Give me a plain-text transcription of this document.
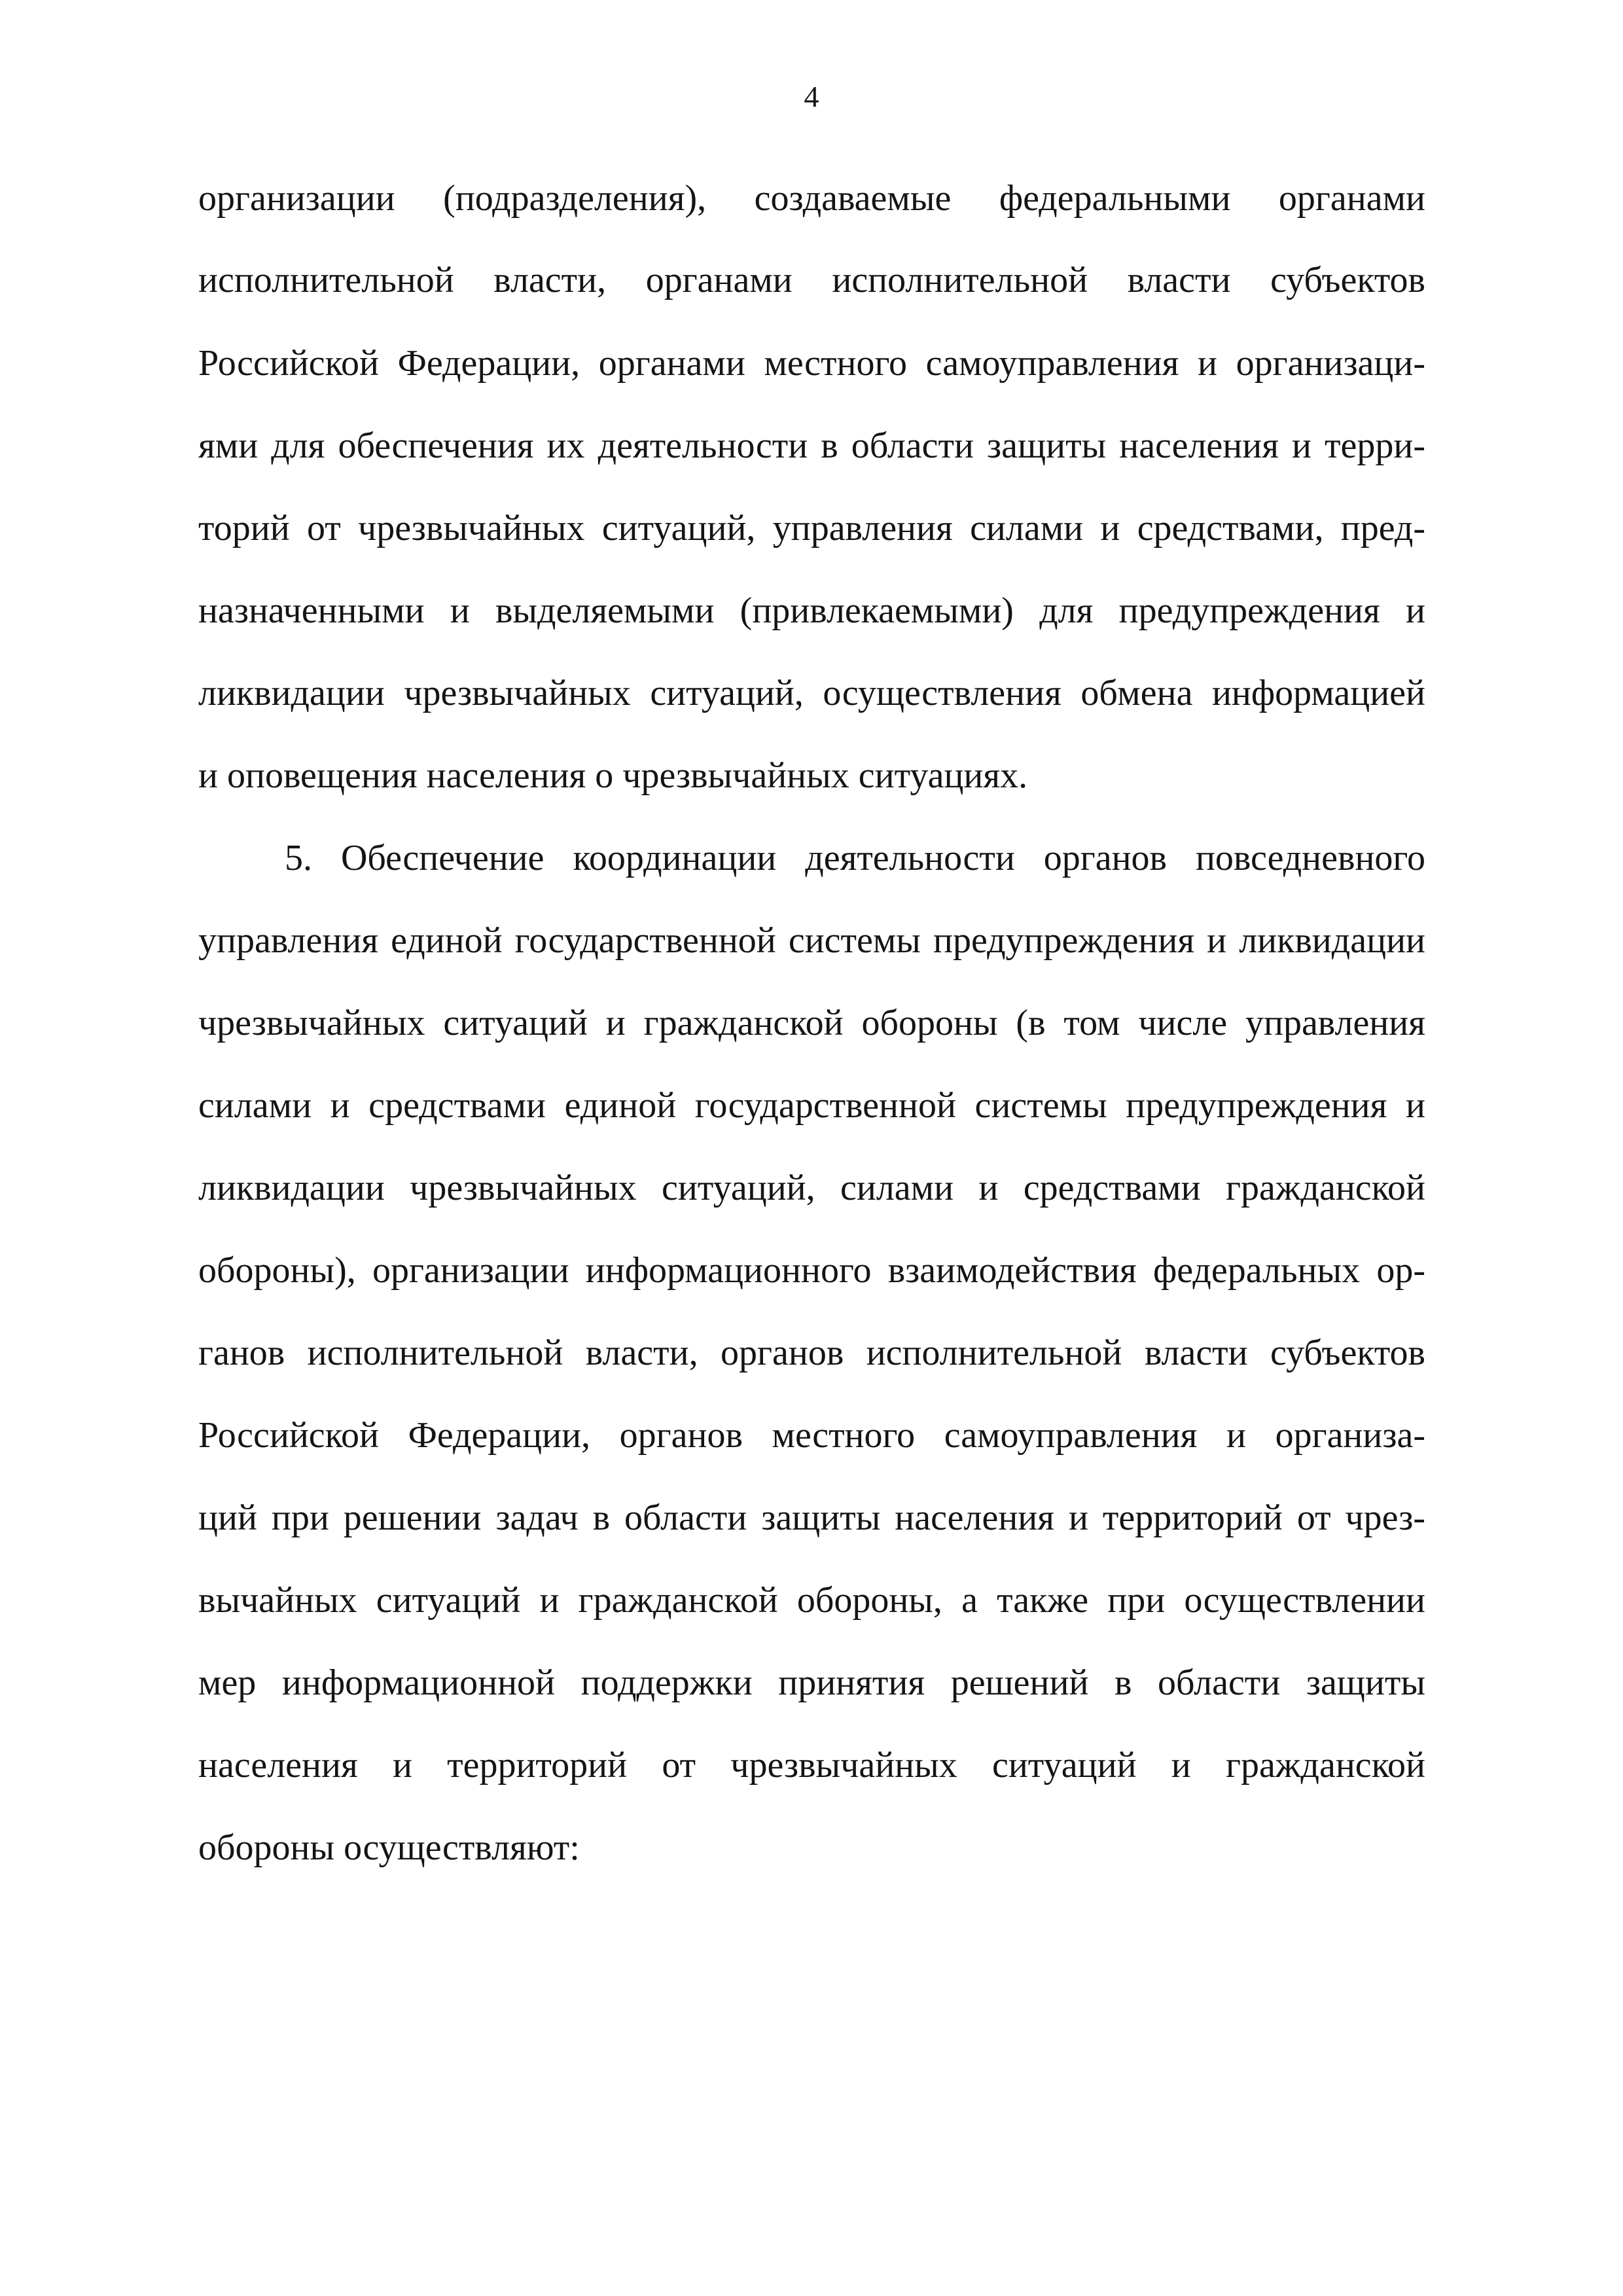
4
организации (подразделения), создаваемые федеральными органами
исполнительной власти, органами исполнительной власти субъектов
Российской Федерации, органами местного самоуправления и организаци-
ями для обеспечения их деятельности в области защиты населения и терри-
торий от чрезвычайных ситуаций, управления силами и средствами, пред-
назначенными и выделяемыми (привлекаемыми) для предупреждения и
ликвидации чрезвычайных ситуаций, осуществления обмена информацией
и оповещения населения о чрезвычайных ситуациях.
5. Обеспечение координации деятельности органов повседневного
управления единой государственной системы предупреждения и ликвидации
чрезвычайных ситуаций и гражданской обороны (в том числе управления
силами и средствами единой государственной системы предупреждения и
ликвидации чрезвычайных ситуаций, силами и средствами гражданской
обороны), организации информационного взаимодействия федеральных ор-
ганов исполнительной власти, органов исполнительной власти субъектов
Российской Федерации, органов местного самоуправления и организа-
ций при решении задач в области защиты населения и территорий от чрез-
вычайных ситуаций и гражданской обороны, а также при осуществлении
мер информационной поддержки принятия решений в области защиты
населения и территорий от чрезвычайных ситуаций и гражданской
обороны осуществляют:
